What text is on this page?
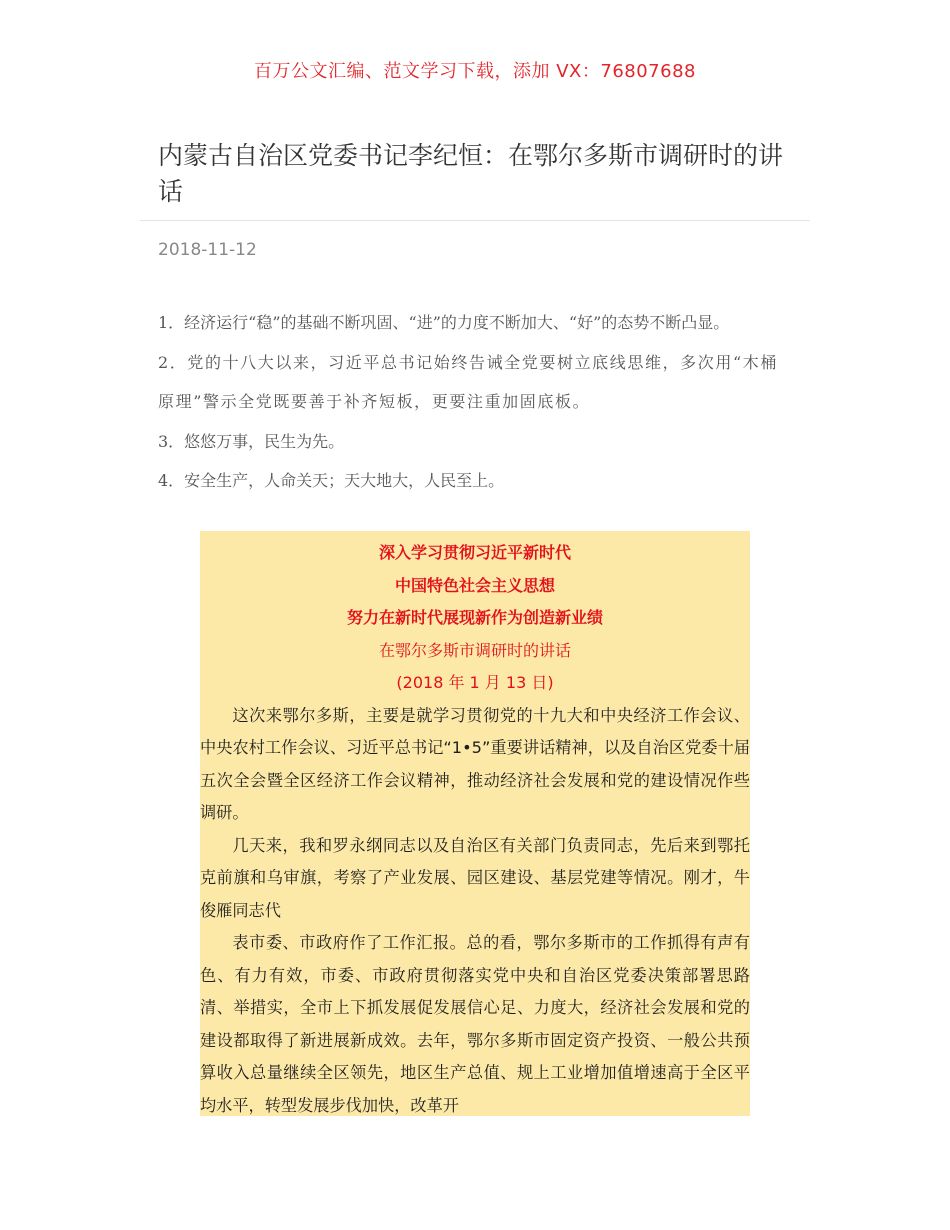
百万公文汇编、范文学习下载，添加 VX：76807688
内蒙古自治区党委书记李纪恒：在鄂尔多斯市调研时的讲话
2018-11-12

1．经济运行“稳”的基础不断巩固、“进”的力度不断加大、“好”的态势不断凸显。

2．党的十八大以来，习近平总书记始终告诫全党要树立底线思维，多次用“木桶原理”警示全党既要善于补齐短板，更要注重加固底板。

3．悠悠万事，民生为先。

4．安全生产，人命关天；天大地大，人民至上。

深入学习贯彻习近平新时代

中国特色社会主义思想

努力在新时代展现新作为创造新业绩

在鄂尔多斯市调研时的讲话

(2018 年 1 月 13 日)

这次来鄂尔多斯，主要是就学习贯彻党的十九大和中央经济工作会议、中央农村工作会议、习近平总书记“1•5”重要讲话精神，以及自治区党委十届五次全会暨全区经济工作会议精神，推动经济社会发展和党的建设情况作些调研。

几天来，我和罗永纲同志以及自治区有关部门负责同志，先后来到鄂托克前旗和乌审旗，考察了产业发展、园区建设、基层党建等情况。刚才，牛俊雁同志代

表市委、市政府作了工作汇报。总的看，鄂尔多斯市的工作抓得有声有色、有力有效，市委、市政府贯彻落实党中央和自治区党委决策部署思路清、举措实，全市上下抓发展促发展信心足、力度大，经济社会发展和党的建设都取得了新进展新成效。去年，鄂尔多斯市固定资产投资、一般公共预算收入总量继续全区领先，地区生产总值、规上工业增加值增速高于全区平均水平，转型发展步伐加快，改革开
